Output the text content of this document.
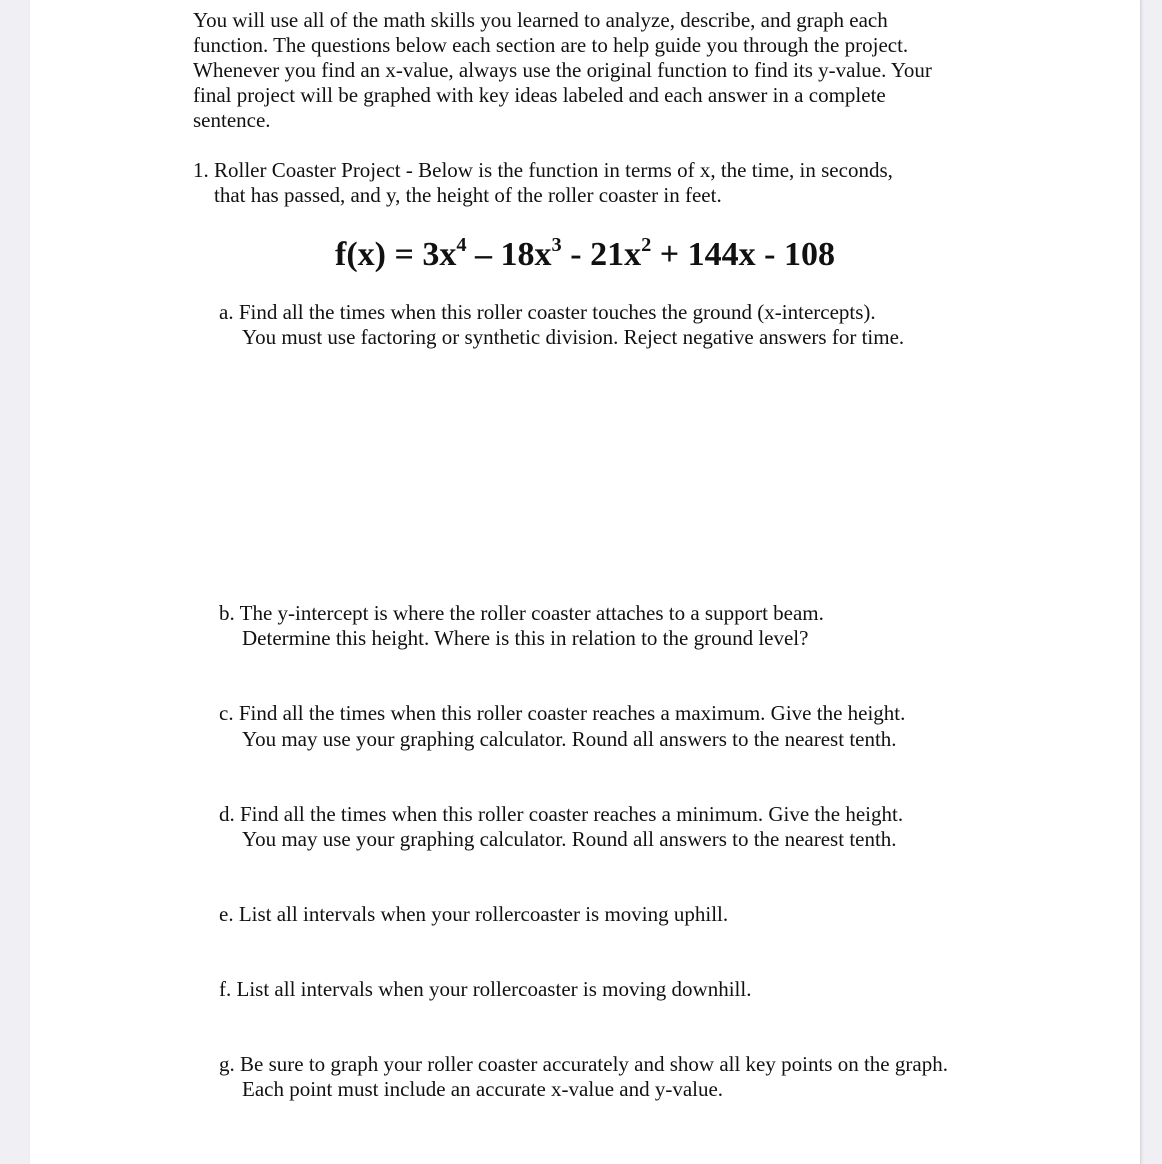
You will use all of the math skills you learned to analyze, describe, and graph each
function. The questions below each section are to help guide you through the project.
Whenever you find an x-value, always use the original function to find its y-value. Your
final project will be graphed with key ideas labeled and each answer in a complete
sentence.
1. Roller Coaster Project - Below is the function in terms of x, the time, in seconds,
that has passed, and y, the height of the roller coaster in feet.
$f(x) = 3x^4 - 18x^3 - 21x^2 + 144x - 108$
a. Find all the times when this roller coaster touches the ground (x-intercepts).
You must use factoring or synthetic division. Reject negative answers for time.
b. The y-intercept is where the roller coaster attaches to a support beam.
Determine this height. Where is this in relation to the ground level?
c. Find all the times when this roller coaster reaches a maximum. Give the height.
You may use your graphing calculator. Round all answers to the nearest tenth.
d. Find all the times when this roller coaster reaches a minimum. Give the height.
You may use your graphing calculator. Round all answers to the nearest tenth.
e. List all intervals when your rollercoaster is moving uphill.
f. List all intervals when your rollercoaster is moving downhill.
g. Be sure to graph your roller coaster accurately and show all key points on the graph.
Each point must include an accurate x-value and y-value.
